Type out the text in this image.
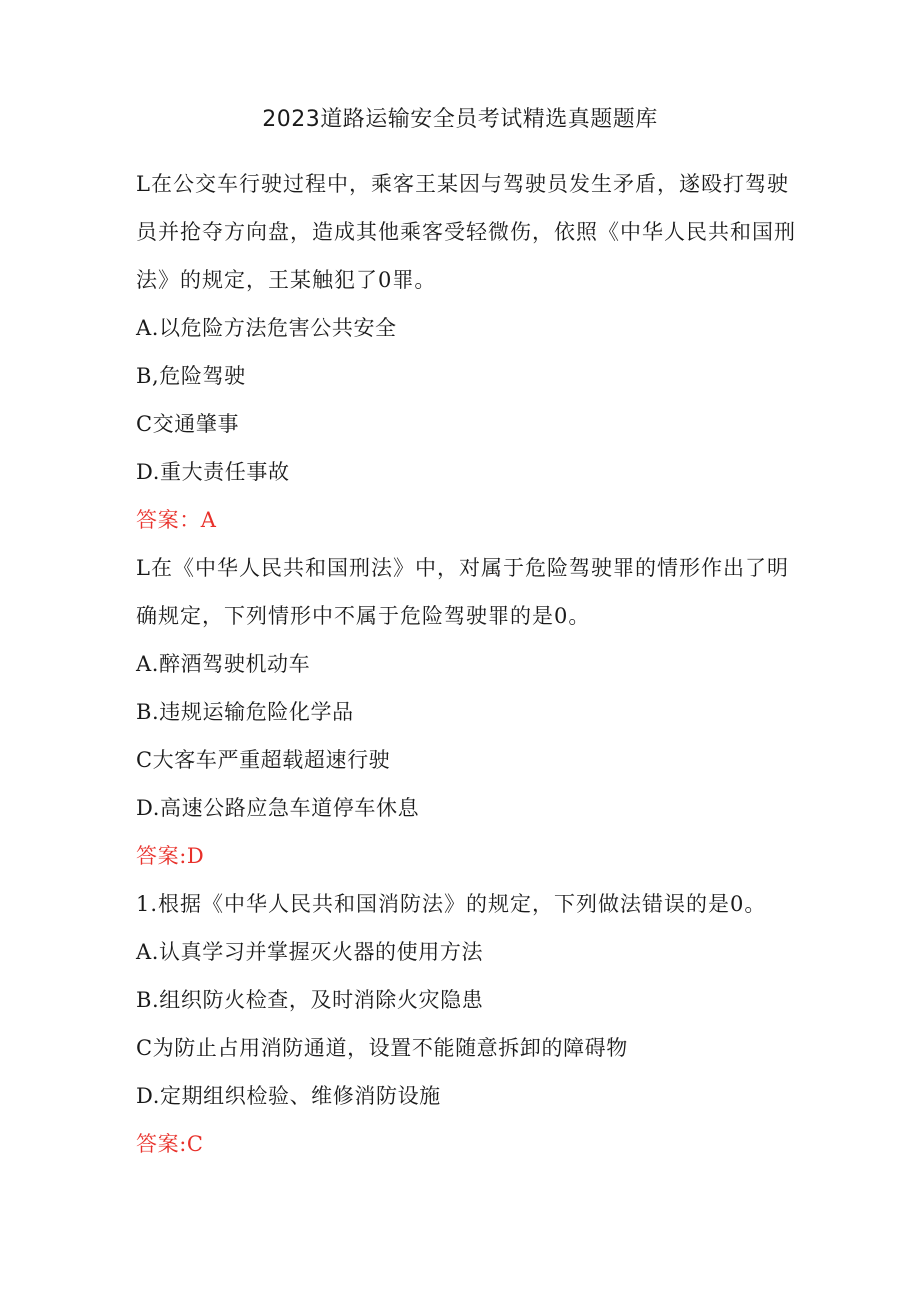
2023道路运输安全员考试精选真题题库
L在公交车行驶过程中，乘客王某因与驾驶员发生矛盾，遂殴打驾驶
员并抢夺方向盘，造成其他乘客受轻微伤，依照《中华人民共和国刑
法》的规定，王某触犯了0罪。
A.以危险方法危害公共安全
B,危险驾驶
C交通肇事
D.重大责任事故
答案：A
L在《中华人民共和国刑法》中，对属于危险驾驶罪的情形作出了明
确规定，下列情形中不属于危险驾驶罪的是0。
A.醉酒驾驶机动车
B.违规运输危险化学品
C大客车严重超载超速行驶
D.高速公路应急车道停车休息
答案:D
1.根据《中华人民共和国消防法》的规定，下列做法错误的是0。
A.认真学习并掌握灭火器的使用方法
B.组织防火检查，及时消除火灾隐患
C为防止占用消防通道，设置不能随意拆卸的障碍物
D.定期组织检验、维修消防设施
答案:C
